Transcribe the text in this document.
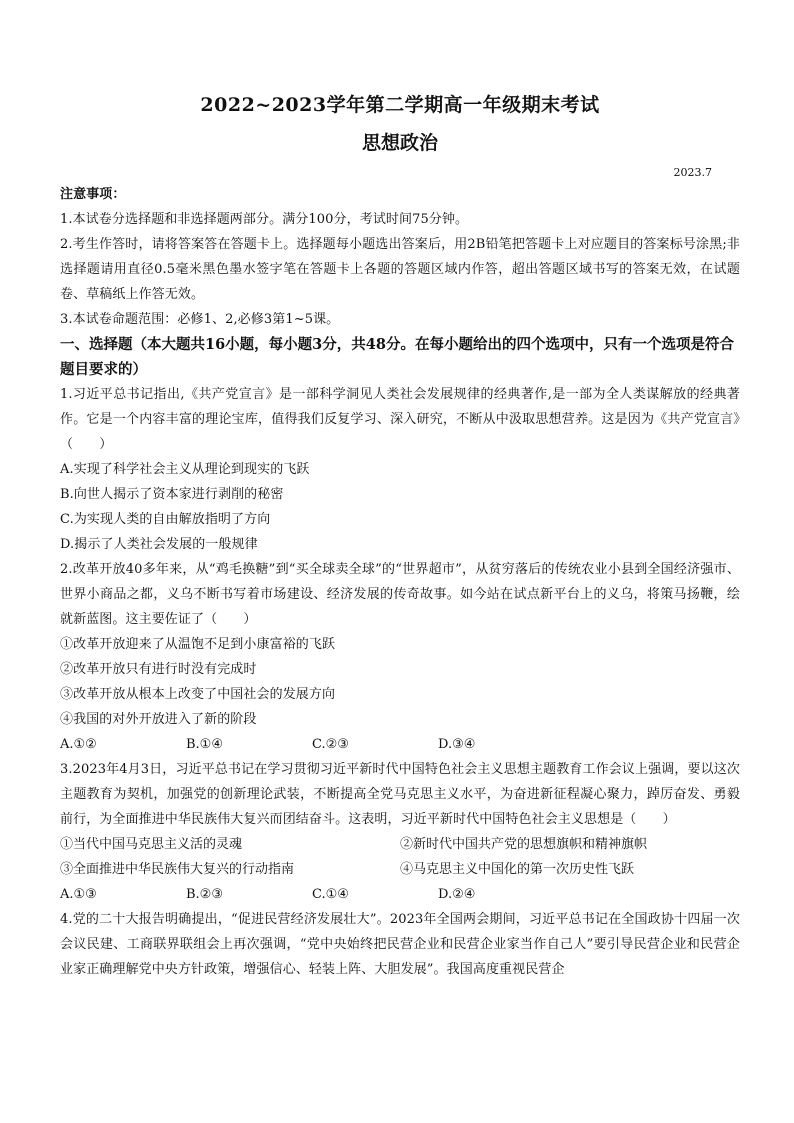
2022~2023学年第二学期高一年级期末考试
思想政治
2023.7

注意事项：

1.本试卷分选择题和非选择题两部分。满分100分，考试时间75分钟。

2.考生作答时，请将答案答在答题卡上。选择题每小题选出答案后，用2B铅笔把答题卡上对应题目的答案标号涂黑;非选择题请用直径0.5毫米黑色墨水签字笔在答题卡上各题的答题区域内作答，超出答题区域书写的答案无效，在试题卷、草稿纸上作答无效。

3.本试卷命题范围：必修1、2,必修3第1~5课。

一、选择题（本大题共16小题，每小题3分，共48分。在每小题给出的四个选项中，只有一个选项是符合题目要求的）

1.习近平总书记指出,《共产党宣言》是一部科学洞见人类社会发展规律的经典著作,是一部为全人类谋解放的经典著作。它是一个内容丰富的理论宝库，值得我们反复学习、深入研究，不断从中汲取思想营养。这是因为《共产党宣言》（　　）

A.实现了科学社会主义从理论到现实的飞跃

B.向世人揭示了资本家进行剥削的秘密

C.为实现人类的自由解放指明了方向

D.揭示了人类社会发展的一般规律

2.改革开放40多年来，从“鸡毛换糖”到“买全球卖全球”的“世界超市”，从贫穷落后的传统农业小县到全国经济强市、世界小商品之都，义乌不断书写着市场建设、经济发展的传奇故事。如今站在试点新平台上的义乌，将策马扬鞭，绘就新蓝图。这主要佐证了（　　）

①改革开放迎来了从温饱不足到小康富裕的飞跃

②改革开放只有进行时没有完成时

③改革开放从根本上改变了中国社会的发展方向

④我国的对外开放进入了新的阶段

A.①②	B.①④	C.②③	D.③④

3.2023年4月3日，习近平总书记在学习贯彻习近平新时代中国特色社会主义思想主题教育工作会议上强调，要以这次主题教育为契机，加强党的创新理论武装，不断提高全党马克思主义水平，为奋进新征程凝心聚力，踔厉奋发、勇毅前行，为全面推进中华民族伟大复兴而团结奋斗。这表明，习近平新时代中国特色社会主义思想是（　　）

①当代中国马克思主义活的灵魂	②新时代中国共产党的思想旗帜和精神旗帜
③全面推进中华民族伟大复兴的行动指南	④马克思主义中国化的第一次历史性飞跃
A.①③	B.②③	C.①④	D.②④

4.党的二十大报告明确提出，“促进民营经济发展壮大”。2023年全国两会期间，习近平总书记在全国政协十四届一次会议民建、工商联界联组会上再次强调，“党中央始终把民营企业和民营企业家当作自己人”要引导民营企业和民营企业家正确理解党中央方针政策，增强信心、轻装上阵、大胆发展”。我国高度重视民营企
